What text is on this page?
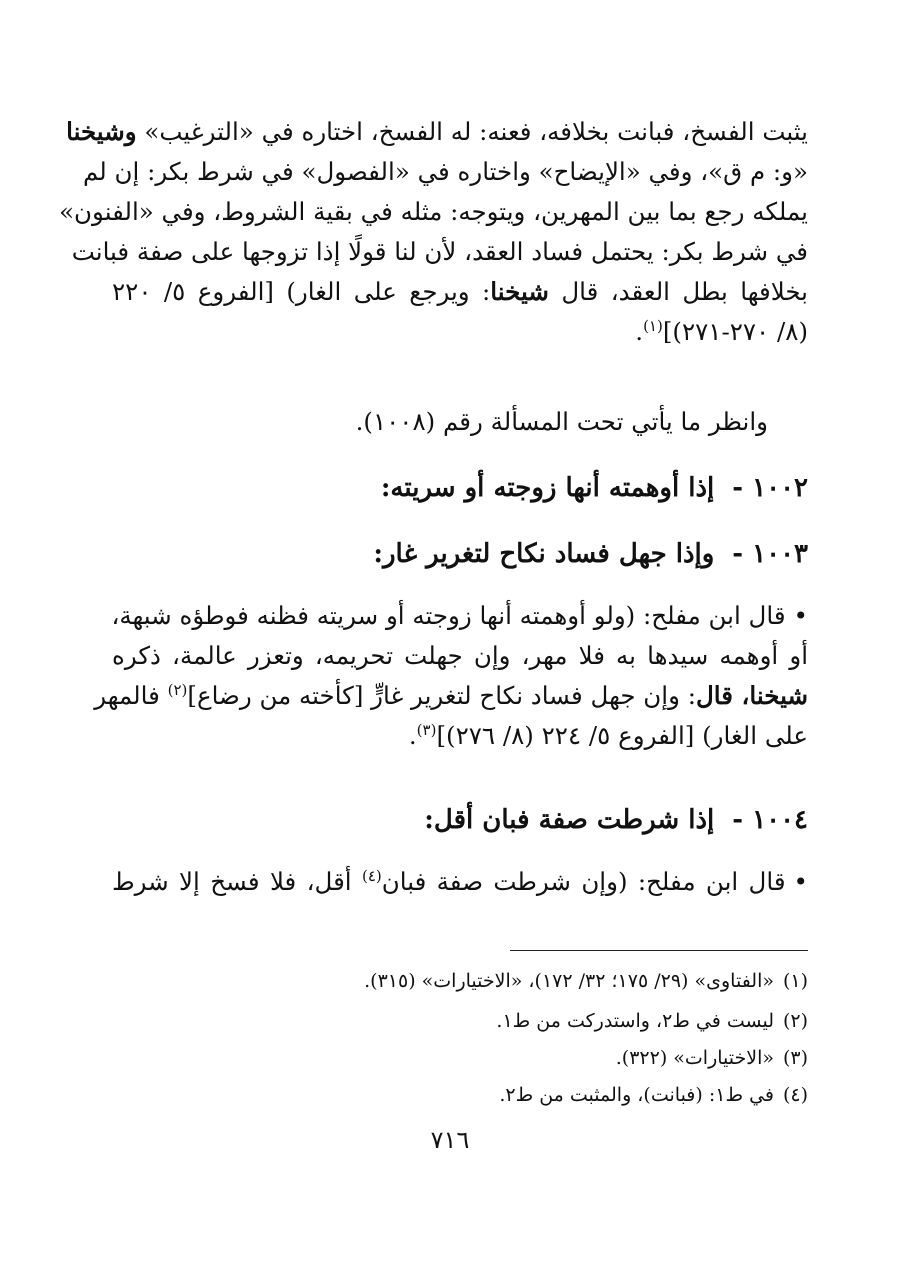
يثبت الفسخ، فبانت بخلافه، فعنه: له الفسخ، اختاره في «الترغيب» وشيخنا
«و: م ق»، وفي «الإيضاح» واختاره في «الفصول» في شرط بكر: إن لم
يملكه رجع بما بين المهرين، ويتوجه: مثله في بقية الشروط، وفي «الفنون»
في شرط بكر: يحتمل فساد العقد، لأن لنا قولًا إذا تزوجها على صفة فبانت
بخلافها بطل العقد، قال شيخنا: ويرجع على الغار) [الفروع ٥/ ٢٢٠
(٨/ ٢٧٠-٢٧١)]$^{(١)}$.
وانظر ما يأتي تحت المسألة رقم (١٠٠٨).
١٠٠٢ -إذا أوهمته أنها زوجته أو سريته:
١٠٠٣ -وإذا جهل فساد نكاح لتغرير غار:
•قال ابن مفلح: (ولو أوهمته أنها زوجته أو سريته فظنه فوطؤه شبهة،
أو أوهمه سيدها به فلا مهر، وإن جهلت تحريمه، وتعزر عالمة، ذكره
شيخنا، قال: وإن جهل فساد نكاح لتغرير غارٍّ [كأخته من رضاع]$^{(٢)}$ فالمهر
على الغار) [الفروع ٥/ ٢٢٤ (٨/ ٢٧٦)]$^{(٣)}$.
١٠٠٤ -إذا شرطت صفة فبان أقل:
•قال ابن مفلح: (وإن شرطت صفة فبان$^{(٤)}$ أقل، فلا فسخ إلا شرط
(١)«الفتاوى» (٢٩/ ١٧٥؛ ٣٢/ ١٧٢)، «الاختيارات» (٣١٥).
(٢)ليست في ط٢، واستدركت من ط١.
(٣)«الاختيارات» (٣٢٢).
(٤)في ط١: (فبانت)، والمثبت من ط٢.
٧١٦
